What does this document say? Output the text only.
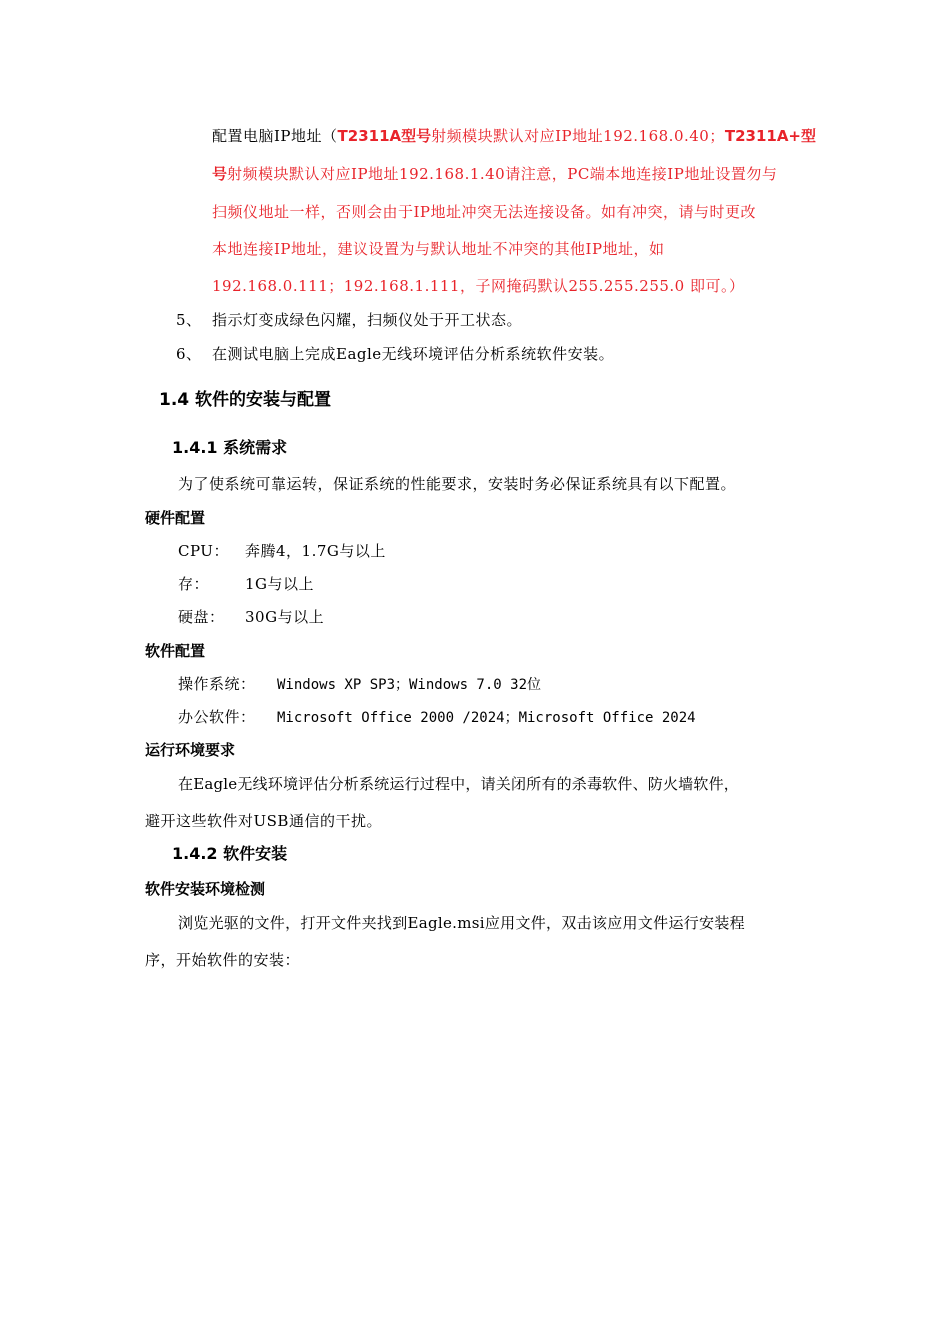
配置电脑IP地址（T2311A型号射频模块默认对应IP地址192.168.0.40；T2311A+型
号射频模块默认对应IP地址192.168.1.40请注意，PC端本地连接IP地址设置勿与
扫频仪地址一样，否则会由于IP地址冲突无法连接设备。如有冲突，请与时更改
本地连接IP地址，建议设置为与默认地址不冲突的其他IP地址，如
192.168.0.111；192.168.1.111，子网掩码默认255.255.255.0 即可。）
5、 指示灯变成绿色闪耀，扫频仪处于开工状态。
6、 在测试电脑上完成Eagle无线环境评估分析系统软件安装。
1.4 软件的安装与配置
1.4.1 系统需求
为了使系统可靠运转，保证系统的性能要求，安装时务必保证系统具有以下配置。
硬件配置
CPU： 奔腾4，1.7G与以上
存： 1G与以上
硬盘： 30G与以上
软件配置
操作系统： Windows XP SP3；Windows 7.0 32位
办公软件： Microsoft Office 2000 /2024；Microsoft Office 2024
运行环境要求
在Eagle无线环境评估分析系统运行过程中，请关闭所有的杀毒软件、防火墙软件，
避开这些软件对USB通信的干扰。
1.4.2 软件安装
软件安装环境检测
浏览光驱的文件，打开文件夹找到Eagle.msi应用文件，双击该应用文件运行安装程
序，开始软件的安装：
